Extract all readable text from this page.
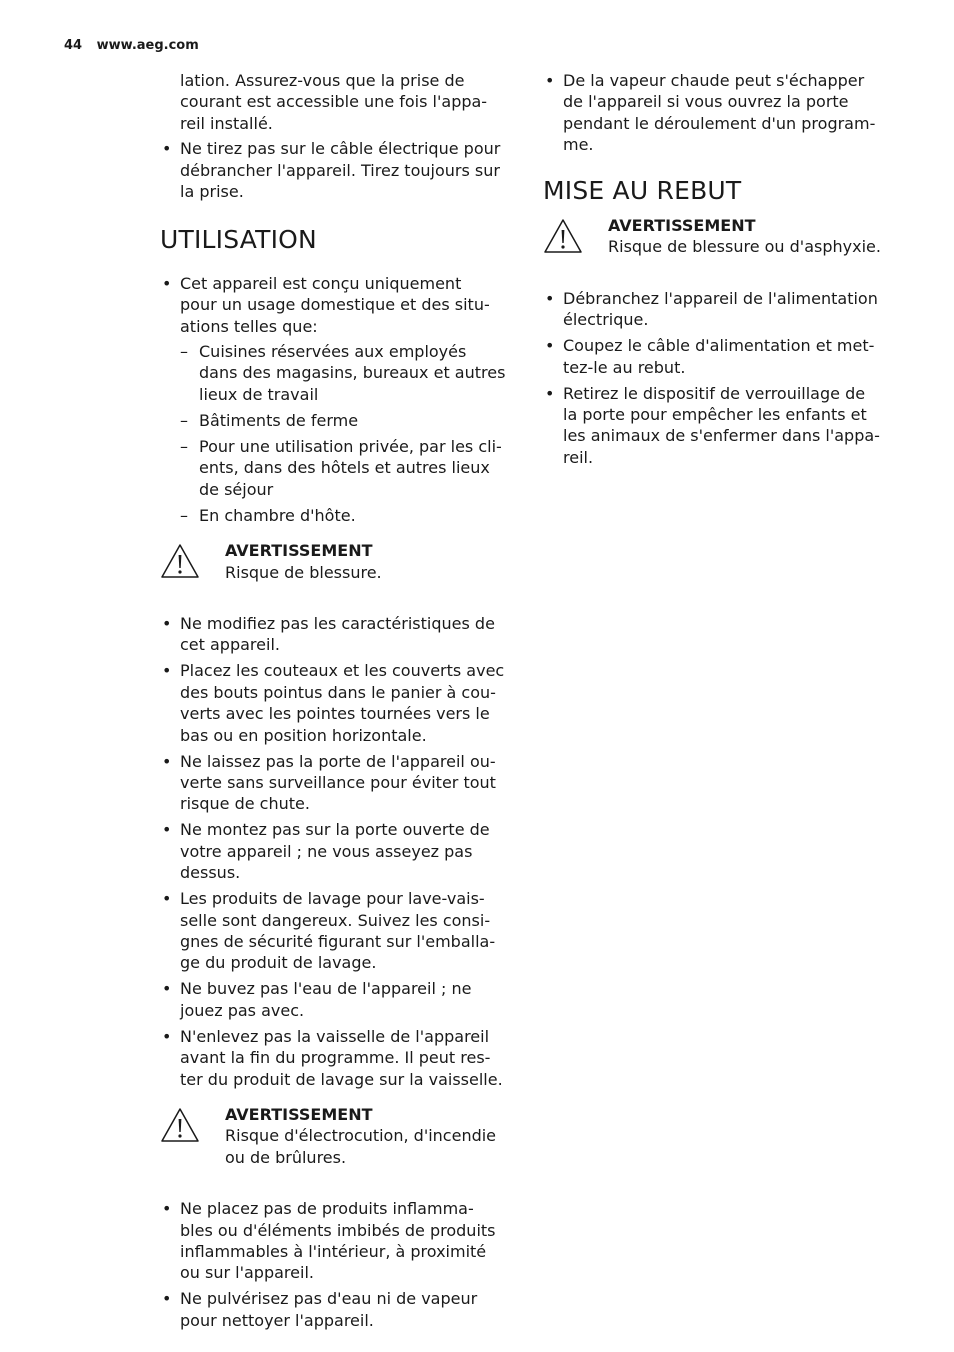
44 www.aeg.com
lation. Assurez-vous que la prise de
courant est accessible une fois l'appa-
reil installé.
• Ne tirez pas sur le câble électrique pour
débrancher l'appareil. Tirez toujours sur
la prise.
UTILISATION
• Cet appareil est conçu uniquement
pour un usage domestique et des situ-
ations telles que:
– Cuisines réservées aux employés
dans des magasins, bureaux et autres
lieux de travail
– Bâtiments de ferme
– Pour une utilisation privée, par les cli-
ents, dans des hôtels et autres lieux
de séjour
– En chambre d'hôte.
AVERTISSEMENT
Risque de blessure.
• Ne modifiez pas les caractéristiques de
cet appareil.
• Placez les couteaux et les couverts avec
des bouts pointus dans le panier à cou-
verts avec les pointes tournées vers le
bas ou en position horizontale.
• Ne laissez pas la porte de l'appareil ou-
verte sans surveillance pour éviter tout
risque de chute.
• Ne montez pas sur la porte ouverte de
votre appareil ; ne vous asseyez pas
dessus.
• Les produits de lavage pour lave-vais-
selle sont dangereux. Suivez les consi-
gnes de sécurité figurant sur l'emballa-
ge du produit de lavage.
• Ne buvez pas l'eau de l'appareil ; ne
jouez pas avec.
• N'enlevez pas la vaisselle de l'appareil
avant la fin du programme. Il peut res-
ter du produit de lavage sur la vaisselle.
AVERTISSEMENT
Risque d'électrocution, d'incendie
ou de brûlures.
• Ne placez pas de produits inflamma-
bles ou d'éléments imbibés de produits
inflammables à l'intérieur, à proximité
ou sur l'appareil.
• Ne pulvérisez pas d'eau ni de vapeur
pour nettoyer l'appareil.
• De la vapeur chaude peut s'échapper
de l'appareil si vous ouvrez la porte
pendant le déroulement d'un program-
me.
MISE AU REBUT
AVERTISSEMENT
Risque de blessure ou d'asphyxie.
• Débranchez l'appareil de l'alimentation
électrique.
• Coupez le câble d'alimentation et met-
tez-le au rebut.
• Retirez le dispositif de verrouillage de
la porte pour empêcher les enfants et
les animaux de s'enfermer dans l'appa-
reil.
